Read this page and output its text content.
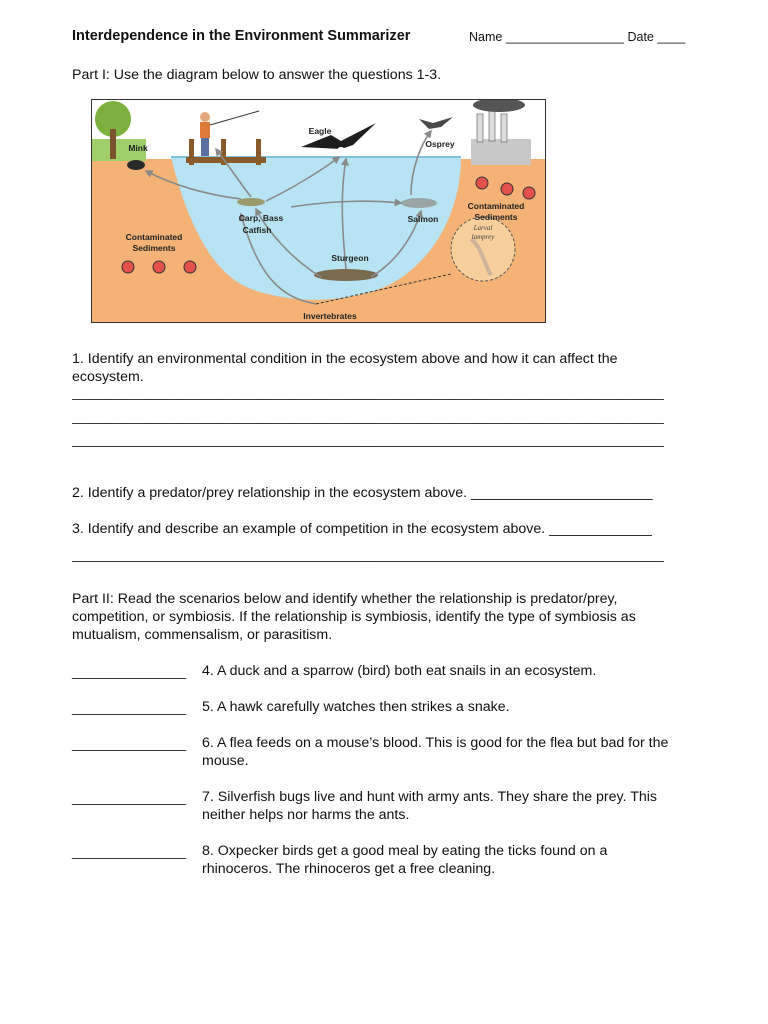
Interdependence in the Environment Summarizer	Name _________________ Date ____
Part I: Use the diagram below to answer the questions 1-3.
Mink
Eagle
Osprey
Carp, Bass
Catfish
Salmon
Sturgeon
Contaminated
Sediments
Contaminated
Sediments
Invertebrates
Larval
lamprey
1. Identify an environmental condition in the ecosystem above and how it can affect the ecosystem.
____________________________________________________________________________
____________________________________________________________________________
____________________________________________________________________________
2. Identify a predator/prey relationship in the ecosystem above. _______________________
3. Identify and describe an example of competition in the ecosystem above. _____________
____________________________________________________________________________
Part II: Read the scenarios below and identify whether the relationship is predator/prey, competition, or symbiosis. If the relationship is symbiosis, identify the type of symbiosis as mutualism, commensalism, or parasitism.
_______________ 4. A duck and a sparrow (bird) both eat snails in an ecosystem.
_______________ 5. A hawk carefully watches then strikes a snake.
_______________ 6. A flea feeds on a mouse’s blood. This is good for the flea but bad for the mouse.
_______________ 7. Silverfish bugs live and hunt with army ants. They share the prey. This neither helps nor harms the ants.
_______________ 8. Oxpecker birds get a good meal by eating the ticks found on a rhinoceros. The rhinoceros get a free cleaning.
